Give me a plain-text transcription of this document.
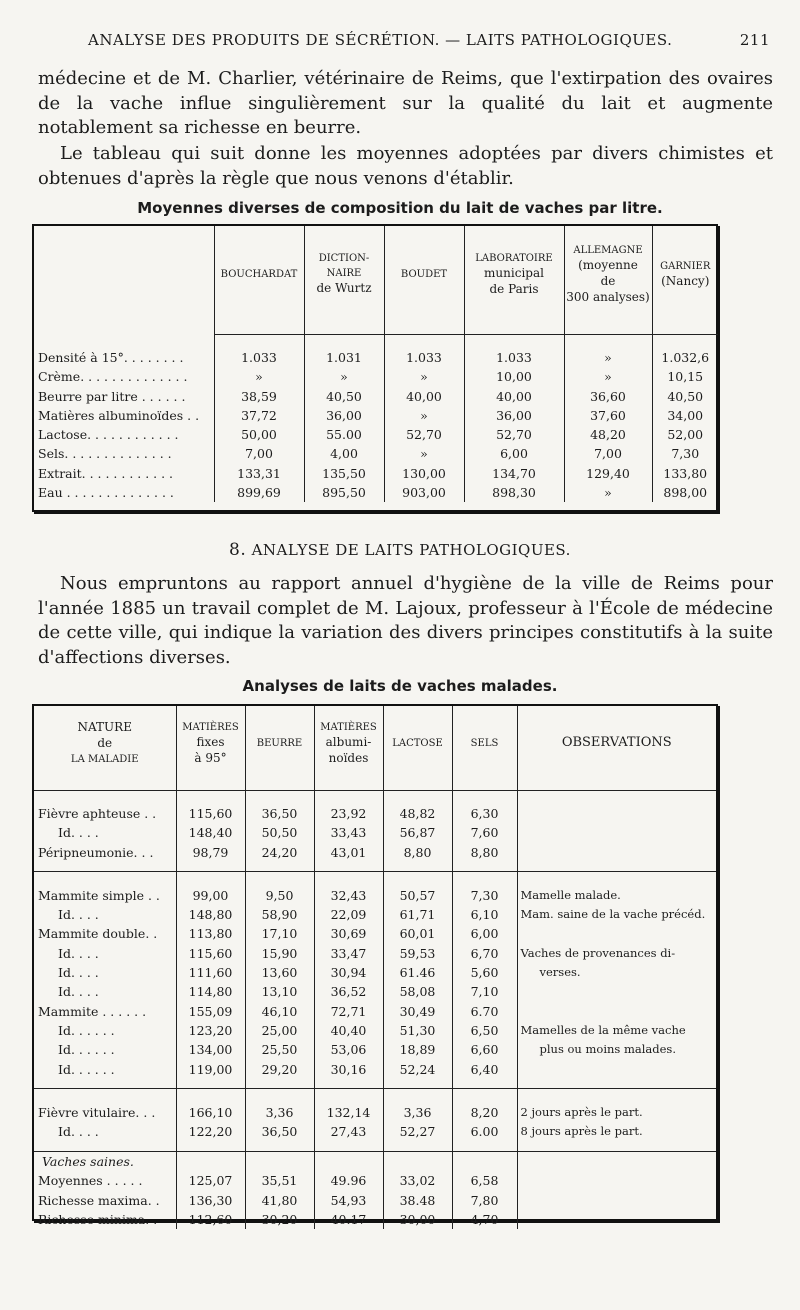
ANALYSE DES PRODUITS DE SÉCRÉTION. — LAITS PATHOLOGIQUES.	211

médecine et de M. Charlier, vétérinaire de Reims, que l'extirpation des ovaires de la vache influe singulièrement sur la qualité du lait et augmente notablement sa richesse en beurre.

Le tableau qui suit donne les moyennes adoptées par divers chimistes et obtenues d'après la règle que nous venons d'établir.

Moyennes diverses de composition du lait de vaches par litre.
	BOUCHARDAT	DICTION-
NAIRE
de Wurtz	BOUDET	LABORATOIRE
municipal
de Paris	ALLEMAGNE
(moyenne
de
300 analyses)	GARNIER
(Nancy)

Densité à 15°. . . . . . . .	1.033	1.031	1.033	1.033	»	1.032,6
Crème. . . . . . . . . . . . . .	»	»	»	10,00	»	10,15
Beurre par litre . . . . . .	38,59	40,50	40,00	40,00	36,60	40,50
Matières albuminoïdes . .	37,72	36,00	»	36,00	37,60	34,00
Lactose. . . . . . . . . . . .	50,00	55.00	52,70	52,70	48,20	52,00
Sels. . . . . . . . . . . . . .	7,00	4,00	»	6,00	7,00	7,30
Extrait. . . . . . . . . . . .	133,31	135,50	130,00	134,70	129,40	133,80
Eau . . . . . . . . . . . . . .	899,69	895,50	903,00	898,30	»	898,00
8. ANALYSE DE LAITS PATHOLOGIQUES.

Nous empruntons au rapport annuel d'hygiène de la ville de Reims pour l'année 1885 un travail complet de M. Lajoux, professeur à l'École de médecine de cette ville, qui indique la variation des divers principes constitutifs à la suite d'affections diverses.

Analyses de laits de vaches malades.
NATURE
de
LA MALADIE	MATIÈRES
fixes
à 95°	BEURRE	MATIÈRES
albumi-
noïdes	LACTOSE	SELS	OBSERVATIONS

Fièvre aphteuse . .	115,60	36,50	23,92	48,82	6,30	
Id. . . .	148,40	50,50	33,43	56,87	7,60	
Péripneumonie. . .	98,79	24,20	43,01	8,80	8,80	

Mammite simple . .	99,00	9,50	32,43	50,57	7,30	Mamelle malade.
Id. . . .	148,80	58,90	22,09	61,71	6,10	Mam. saine de la vache précéd.
Mammite double. .	113,80	17,10	30,69	60,01	6,00	
Id. . . .	115,60	15,90	33,47	59,53	6,70	Vaches de provenances di-
Id. . . .	111,60	13,60	30,94	61.46	5,60	verses.
Id. . . .	114,80	13,10	36,52	58,08	7,10	
Mammite . . . . . .	155,09	46,10	72,71	30,49	6.70	
Id. . . . . .	123,20	25,00	40,40	51,30	6,50	Mamelles de la même vache
Id. . . . . .	134,00	25,50	53,06	18,89	6,60	plus ou moins malades.
Id. . . . . .	119,00	29,20	30,16	52,24	6,40	

Fièvre vitulaire. . .	166,10	3,36	132,14	3,36	8,20	2 jours après le part.
Id. . . .	122,20	36,50	27,43	52,27	6.00	8 jours après le part.

Vaches saines.						
Moyennes . . . . .	125,07	35,51	49.96	33,02	6,58	
Richesse maxima. .	136,30	41,80	54,93	38.48	7,80	
Richesse minima. .	112,60	30,20	40.17	30,00	4,70	
